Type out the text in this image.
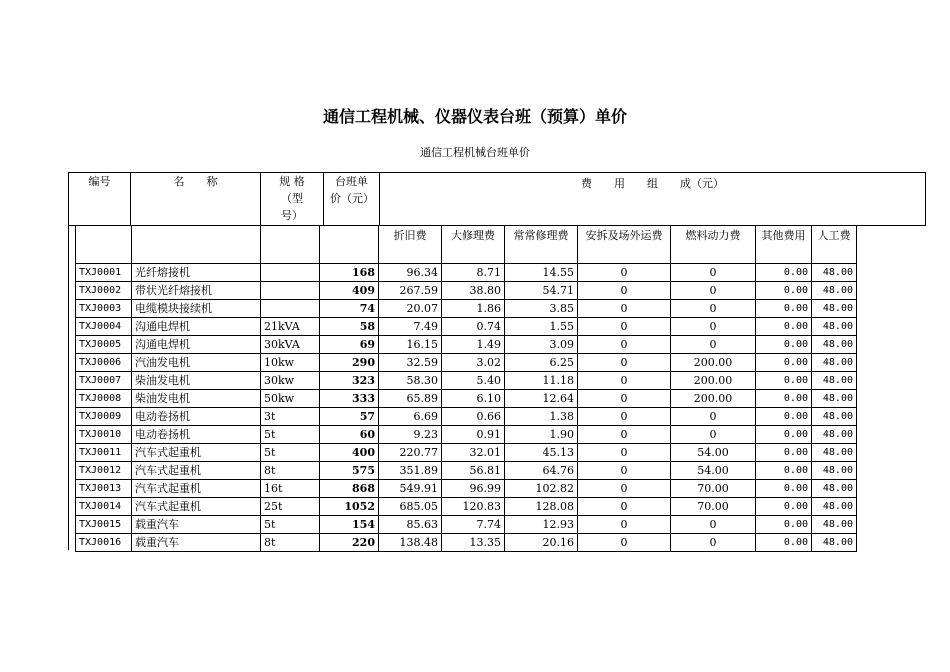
通信工程机械、仪器仪表台班（预算）单价
通信工程机械台班单价
编号	名　　称	规 格（型号）	台班单价（元）	费　　用　　组　　成（元）
				折旧费	大修理费	常常修理费	安拆及场外运费	燃料动力费	其他费用	人工费
TXJ0001	光纤熔接机		168	96.34	8.71	14.55	0	0	0.00	48.00
TXJ0002	带状光纤熔接机		409	267.59	38.80	54.71	0	0	0.00	48.00
TXJ0003	电缆模块接续机		74	20.07	1.86	3.85	0	0	0.00	48.00
TXJ0004	沟通电焊机	21kVA	58	7.49	0.74	1.55	0	0	0.00	48.00
TXJ0005	沟通电焊机	30kVA	69	16.15	1.49	3.09	0	0	0.00	48.00
TXJ0006	汽油发电机	10kw	290	32.59	3.02	6.25	0	200.00	0.00	48.00
TXJ0007	柴油发电机	30kw	323	58.30	5.40	11.18	0	200.00	0.00	48.00
TXJ0008	柴油发电机	50kw	333	65.89	6.10	12.64	0	200.00	0.00	48.00
TXJ0009	电动卷扬机	3t	57	6.69	0.66	1.38	0	0	0.00	48.00
TXJ0010	电动卷扬机	5t	60	9.23	0.91	1.90	0	0	0.00	48.00
TXJ0011	汽车式起重机	5t	400	220.77	32.01	45.13	0	54.00	0.00	48.00
TXJ0012	汽车式起重机	8t	575	351.89	56.81	64.76	0	54.00	0.00	48.00
TXJ0013	汽车式起重机	16t	868	549.91	96.99	102.82	0	70.00	0.00	48.00
TXJ0014	汽车式起重机	25t	1052	685.05	120.83	128.08	0	70.00	0.00	48.00
TXJ0015	载重汽车	5t	154	85.63	7.74	12.93	0	0	0.00	48.00
TXJ0016	载重汽车	8t	220	138.48	13.35	20.16	0	0	0.00	48.00
